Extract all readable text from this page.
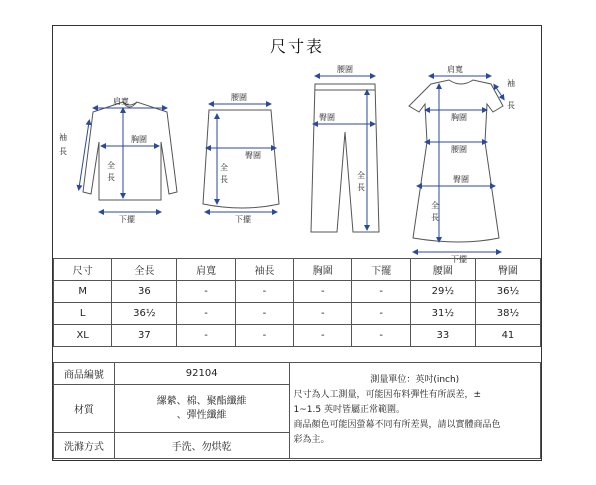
尺寸表
肩寬
胸圍
全
長
下擺
袖
長
腰圍
臀圍
全
長
下擺
腰圍
臀圍
全
長
肩寬
袖
長
胸圍
腰圍
臀圍
全
長
下擺
尺寸	全長	肩寬	袖長	胸圍	下擺	腰圍	臀圍
M	36	-	-	-	-	29½	36½
L	36½	-	-	-	-	31½	38½
XL	37	-	-	-	-	33	41
商品編號	92104	測量單位：英吋(inch)
尺寸為人工測量，可能因布料彈性有所誤差，±
1~1.5 英吋皆屬正常範圍。
商品顏色可能因螢幕不同有所差異，請以實體商品色
彩為主。

材質	縲縈、棉、聚酯纖維
、彈性纖維	

洗滌方式	手洗、勿烘乾	
